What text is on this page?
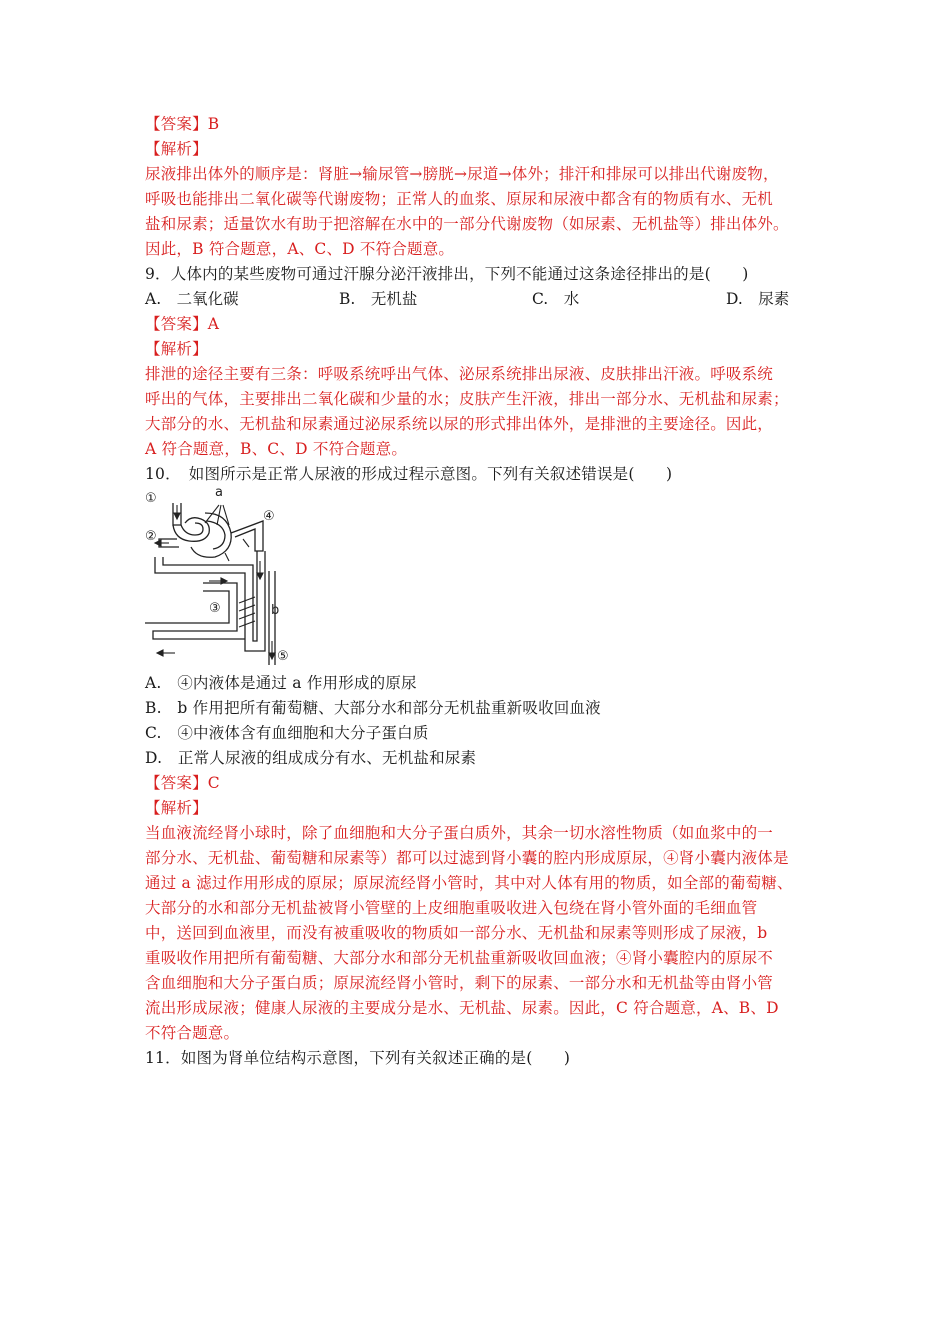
【答案】B
【解析】
尿液排出体外的顺序是：肾脏→输尿管→膀胱→尿道→体外；排汗和排尿可以排出代谢废物，
呼吸也能排出二氧化碳等代谢废物；正常人的血浆、原尿和尿液中都含有的物质有水、无机
盐和尿素；适量饮水有助于把溶解在水中的一部分代谢废物（如尿素、无机盐等）排出体外。
因此，B 符合题意，A、C、D 不符合题意。
9．人体内的某些废物可通过汗腺分泌汗液排出，下列不能通过这条途径排出的是(　　)
A.　二氧化碳	B.　无机盐	C.　水	D.　尿素
【答案】A
【解析】
排泄的途径主要有三条：呼吸系统呼出气体、泌尿系统排出尿液、皮肤排出汗液。呼吸系统
呼出的气体，主要排出二氧化碳和少量的水；皮肤产生汗液，排出一部分水、无机盐和尿素；
大部分的水、无机盐和尿素通过泌尿系统以尿的形式排出体外，是排泄的主要途径。因此，
A 符合题意，B、C、D 不符合题意。
10．　如图所示是正常人尿液的形成过程示意图。下列有关叙述错误是(　　)
①
②
a
④
③	b
⑤
A.　④内液体是通过 a 作用形成的原尿
B.　b 作用把所有葡萄糖、大部分水和部分无机盐重新吸收回血液
C.　④中液体含有血细胞和大分子蛋白质
D.　正常人尿液的组成成分有水、无机盐和尿素
【答案】C
【解析】
当血液流经肾小球时，除了血细胞和大分子蛋白质外，其余一切水溶性物质（如血浆中的一
部分水、无机盐、葡萄糖和尿素等）都可以过滤到肾小囊的腔内形成原尿，④肾小囊内液体是
通过 a 滤过作用形成的原尿；原尿流经肾小管时，其中对人体有用的物质，如全部的葡萄糖、
大部分的水和部分无机盐被肾小管壁的上皮细胞重吸收进入包绕在肾小管外面的毛细血管
中，送回到血液里，而没有被重吸收的物质如一部分水、无机盐和尿素等则形成了尿液，b
重吸收作用把所有葡萄糖、大部分水和部分无机盐重新吸收回血液；④肾小囊腔内的原尿不
含血细胞和大分子蛋白质；原尿流经肾小管时，剩下的尿素、一部分水和无机盐等由肾小管
流出形成尿液；健康人尿液的主要成分是水、无机盐、尿素。因此，C 符合题意，A、B、D
不符合题意。
11．如图为肾单位结构示意图，下列有关叙述正确的是(　　)
